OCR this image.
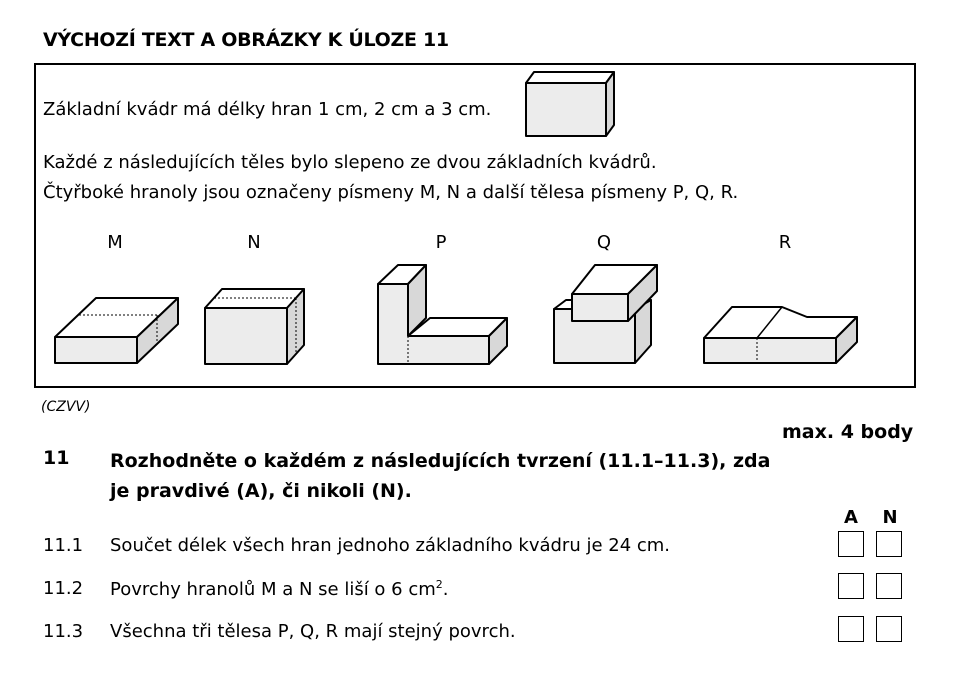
VÝCHOZÍ TEXT A OBRÁZKY K ÚLOZE 11
Základní kvádr má délky hran 1 cm, 2 cm a 3 cm.
Každé z následujících těles bylo slepeno ze dvou základních kvádrů.
Čtyřboké hranoly jsou označeny písmeny M, N a další tělesa písmeny P, Q, R.
M	N	P	Q	R
(CZVV)
max. 4 body
11 Rozhodněte o každém z následujících tvrzení (11.1–11.3), zda je pravdivé (A), či nikoli (N).
A	N
11.1 Součet délek všech hran jednoho základního kvádru je 24 cm.
11.2 Povrchy hranolů M a N se liší o 6 $cm^2$.
11.3 Všechna tři tělesa P, Q, R mají stejný povrch.
